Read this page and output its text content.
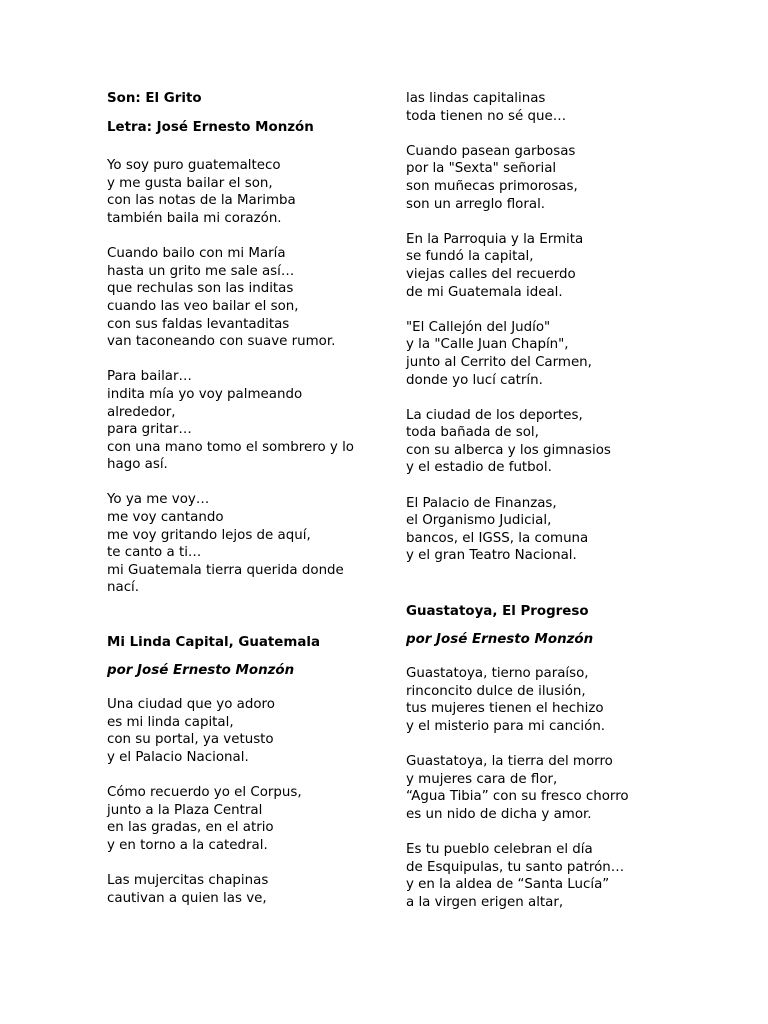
Son: El Grito

Letra: José Ernesto Monzón

Yo soy puro guatemalteco
y me gusta bailar el son,
con las notas de la Marimba
también baila mi corazón.
Cuando bailo con mi María
hasta un grito me sale así…
que rechulas son las inditas
cuando las veo bailar el son,
con sus faldas levantaditas
van taconeando con suave rumor.
Para bailar…
indita mía yo voy palmeando
alrededor,
para gritar…
con una mano tomo el sombrero y lo
hago así.
Yo ya me voy…
me voy cantando
me voy gritando lejos de aquí,
te canto a ti…
mi Guatemala tierra querida donde
nací.

Mi Linda Capital, Guatemala

por José Ernesto Monzón

Una ciudad que yo adoro
es mi linda capital,
con su portal, ya vetusto
y el Palacio Nacional.
Cómo recuerdo yo el Corpus,
junto a la Plaza Central
en las gradas, en el atrio
y en torno a la catedral.
Las mujercitas chapinas
cautivan a quien las ve,
las lindas capitalinas
toda tienen no sé que…
Cuando pasean garbosas
por la "Sexta" señorial
son muñecas primorosas,
son un arreglo floral.
En la Parroquia y la Ermita
se fundó la capital,
viejas calles del recuerdo
de mi Guatemala ideal.
"El Callejón del Judío"
y la "Calle Juan Chapín",
junto al Cerrito del Carmen,
donde yo lucí catrín.
La ciudad de los deportes,
toda bañada de sol,
con su alberca y los gimnasios
y el estadio de futbol.
El Palacio de Finanzas,
el Organismo Judicial,
bancos, el IGSS, la comuna
y el gran Teatro Nacional.

Guastatoya, El Progreso

por José Ernesto Monzón

Guastatoya, tierno paraíso,
rinconcito dulce de ilusión,
tus mujeres tienen el hechizo
y el misterio para mi canción.
Guastatoya, la tierra del morro
y mujeres cara de flor,
“Agua Tibia” con su fresco chorro
es un nido de dicha y amor.
Es tu pueblo celebran el día
de Esquipulas, tu santo patrón…
y en la aldea de “Santa Lucía”
a la virgen erigen altar,
